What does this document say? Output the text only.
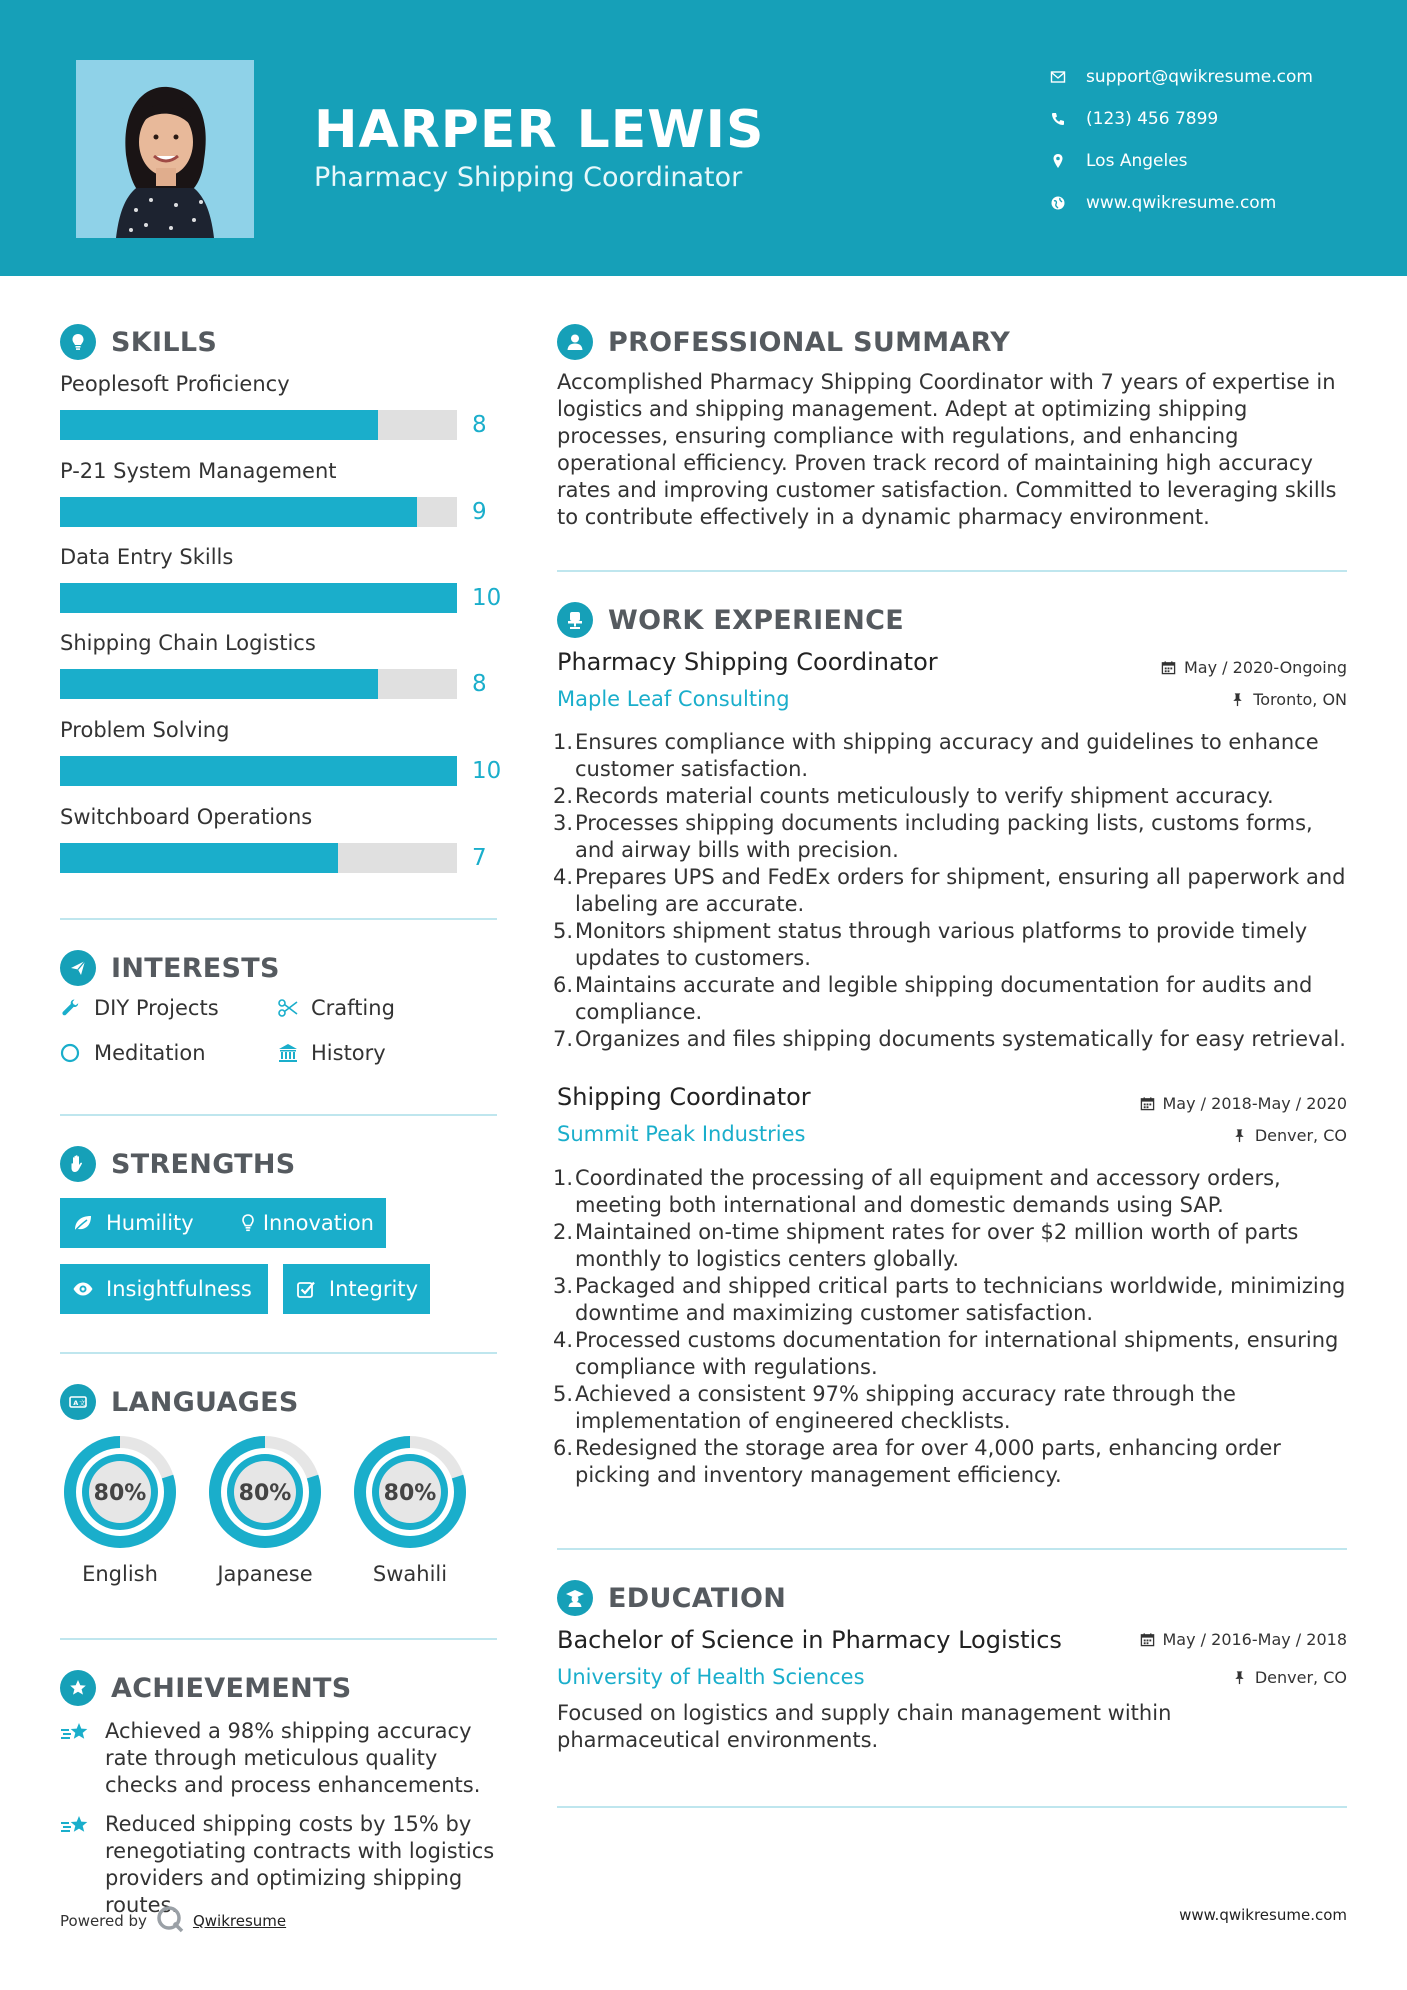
HARPER LEWIS
Pharmacy Shipping Coordinator
support@qwikresume.com
(123) 456 7899
Los Angeles
www.qwikresume.com
SKILLS
Peoplesoft Proficiency
8
P-21 System Management
9
Data Entry Skills
10
Shipping Chain Logistics
8
Problem Solving
10
Switchboard Operations
7
INTERESTS
DIY Projects	Crafting
Meditation	History
STRENGTHS
Humility	Innovation
Insightfulness	Integrity
A 文 LANGUAGES
80%
English
80%
Japanese
80%
Swahili
ACHIEVEMENTS
Achieved a 98% shipping accuracy rate through meticulous quality checks and process enhancements.
Reduced shipping costs by 15% by renegotiating contracts with logistics providers and optimizing shipping routes.
PROFESSIONAL SUMMARY
Accomplished Pharmacy Shipping Coordinator with 7 years of expertise in logistics and shipping management. Adept at optimizing shipping processes, ensuring compliance with regulations, and enhancing operational efficiency. Proven track record of maintaining high accuracy rates and improving customer satisfaction. Committed to leveraging skills to contribute effectively in a dynamic pharmacy environment.
WORK EXPERIENCE
Pharmacy Shipping Coordinator	May / 2020-Ongoing
Maple Leaf Consulting	Toronto, ON
1. Ensures compliance with shipping accuracy and guidelines to enhance customer satisfaction.
2. Records material counts meticulously to verify shipment accuracy.
3. Processes shipping documents including packing lists, customs forms, and airway bills with precision.
4. Prepares UPS and FedEx orders for shipment, ensuring all paperwork and labeling are accurate.
5. Monitors shipment status through various platforms to provide timely updates to customers.
6. Maintains accurate and legible shipping documentation for audits and compliance.
7. Organizes and files shipping documents systematically for easy retrieval.
Shipping Coordinator	May / 2018-May / 2020
Summit Peak Industries	Denver, CO
1. Coordinated the processing of all equipment and accessory orders, meeting both international and domestic demands using SAP.
2. Maintained on-time shipment rates for over $2 million worth of parts monthly to logistics centers globally.
3. Packaged and shipped critical parts to technicians worldwide, minimizing downtime and maximizing customer satisfaction.
4. Processed customs documentation for international shipments, ensuring compliance with regulations.
5. Achieved a consistent 97% shipping accuracy rate through the implementation of engineered checklists.
6. Redesigned the storage area for over 4,000 parts, enhancing order picking and inventory management efficiency.
EDUCATION
Bachelor of Science in Pharmacy Logistics	May / 2016-May / 2018
University of Health Sciences	Denver, CO
Focused on logistics and supply chain management within pharmaceutical environments.
Powered by	Qwikresume	www.qwikresume.com
